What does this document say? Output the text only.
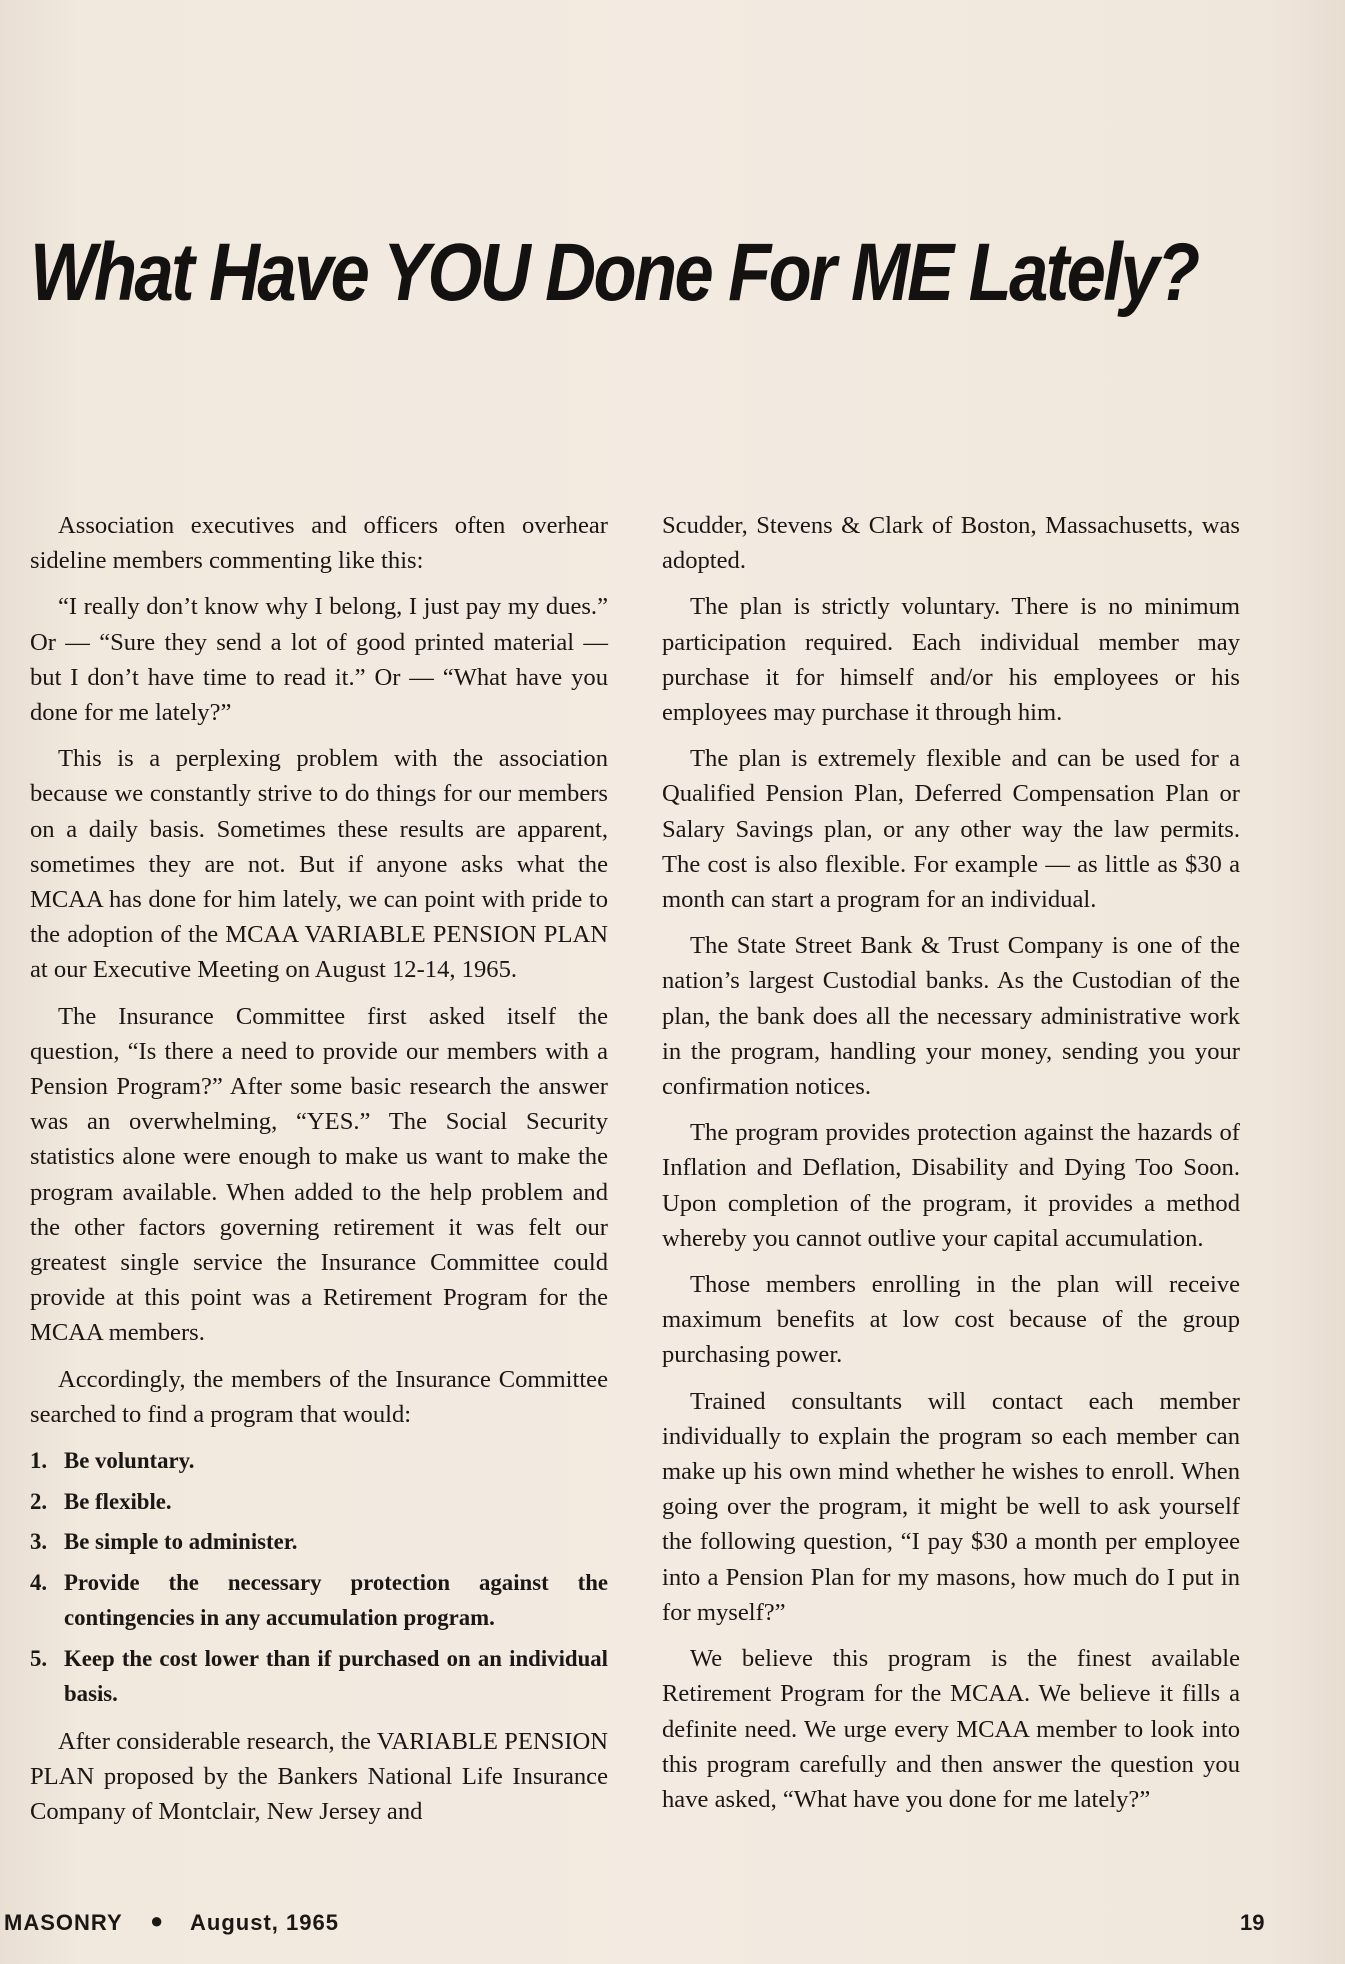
What Have YOU Done For ME Lately?

Association executives and officers often overhear sideline members commenting like this:

“I really don’t know why I belong, I just pay my dues.” Or — “Sure they send a lot of good printed material — but I don’t have time to read it.” Or — “What have you done for me lately?”

This is a perplexing problem with the association because we constantly strive to do things for our members on a daily basis. Sometimes these results are apparent, sometimes they are not. But if anyone asks what the MCAA has done for him lately, we can point with pride to the adoption of the MCAA VARIABLE PENSION PLAN at our Executive Meeting on August 12-14, 1965.

The Insurance Committee first asked itself the question, “Is there a need to provide our members with a Pension Program?” After some basic research the answer was an overwhelming, “YES.” The Social Security statistics alone were enough to make us want to make the program available. When added to the help problem and the other factors governing retirement it was felt our greatest single service the Insurance Committee could provide at this point was a Retirement Program for the MCAA members.

Accordingly, the members of the Insurance Committee searched to find a program that would:

1. Be voluntary.
2. Be flexible.
3. Be simple to administer.
4. Provide the necessary protection against the contingencies in any accumulation program.
5. Keep the cost lower than if purchased on an individual basis.

After considerable research, the VARIABLE PENSION PLAN proposed by the Bankers National Life Insurance Company of Montclair, New Jersey and

Scudder, Stevens & Clark of Boston, Massachusetts, was adopted.

The plan is strictly voluntary. There is no minimum participation required. Each individual member may purchase it for himself and/or his employees or his employees may purchase it through him.

The plan is extremely flexible and can be used for a Qualified Pension Plan, Deferred Compensation Plan or Salary Savings plan, or any other way the law permits. The cost is also flexible. For example — as little as $30 a month can start a program for an individual.

The State Street Bank & Trust Company is one of the nation’s largest Custodial banks. As the Custodian of the plan, the bank does all the necessary administrative work in the program, handling your money, sending you your confirmation notices.

The program provides protection against the hazards of Inflation and Deflation, Disability and Dying Too Soon. Upon completion of the program, it provides a method whereby you cannot outlive your capital accumulation.

Those members enrolling in the plan will receive maximum benefits at low cost because of the group purchasing power.

Trained consultants will contact each member individually to explain the program so each member can make up his own mind whether he wishes to enroll. When going over the program, it might be well to ask yourself the following question, “I pay $30 a month per employee into a Pension Plan for my masons, how much do I put in for myself?”

We believe this program is the finest available Retirement Program for the MCAA. We believe it fills a definite need. We urge every MCAA member to look into this program carefully and then answer the question you have asked, “What have you done for me lately?”

MASONRY ● August, 1965	19
